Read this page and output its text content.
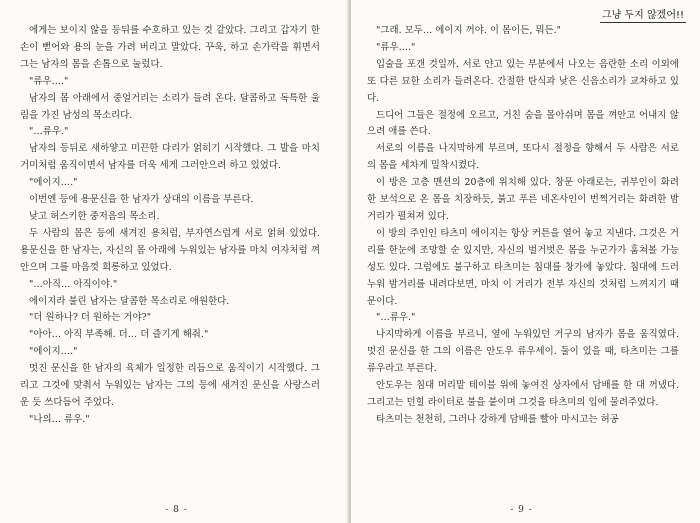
에게는 보이지 않을 등뒤를 수호하고 있는 것 같았다. 그리고 갑자기 한 손이 뻗어와 용의 눈을 가려 버리고 말았다. 꾸욱, 하고 손가락을 휘면서 그는 남자의 몸을 손톱으로 눌렀다.

"류우…."

남자의 몸 아래에서 중얼거리는 소리가 들려 온다. 달콤하고 독특한 울림을 가진 남성의 목소리다.

"…류우."

남자의 등뒤로 새하얗고 미끈한 다리가 얽히기 시작했다. 그 발을 마치 거미처럼 움직이면서 남자를 더욱 세게 그러안으려 하고 있었다.

"에이지…."

이번엔 등에 용문신을 한 남자가 상대의 이름을 부른다.

낮고 허스키한 중저음의 목소리.

두 사람의 몸은 등에 새겨진 용처럼, 부자연스럽게 서로 얽혀 있었다. 용문신을 한 남자는, 자신의 몸 아래에 누워있는 남자를 마치 여자처럼 껴안으며 그를 마음껏 희롱하고 있었다.

"…아직… 아직이야."

에이지라 불린 남자는 달콤한 목소리로 애원한다.

"더 원하나? 더 원하는 거야?"

"아아… 아직 부족해. 더… 더 즐기게 해줘."

"에이지…."

멋진 문신을 한 남자의 육체가 일정한 리듬으로 움직이기 시작했다. 그리고 그것에 맞춰서 누워있는 남자는 그의 등에 새겨진 문신을 사랑스러운 듯 쓰다듬어 주었다.

"나의… 류우."

- 8 -
그냥 두지 않겠어!!

"그래. 모두… 에이지 꺼야. 이 몸이든, 뭐든."

"류우…."

입술을 포갠 것일까. 서로 얀고 있는 부분에서 나오는 음란한 소리 이외에 또 다른 묘한 소리가 들려온다. 간절한 탄식과 낮은 신음소리가 교차하고 있다.

드디어 그들은 절정에 오르고, 거친 숨을 몰아쉬며 몸을 껴안고 어내지 않으려 애를 쓴다.

서로의 이름을 나지막하게 부르며, 또다시 절정을 향해서 두 사람은 서로의 몸을 세차게 밀착시켰다.

이 방은 고층 맨션의 20층에 위치해 있다. 창문 아래로는, 귀부인이 화려한 보석으로 온 몸을 치장하듯, 붉고 푸른 네온사인이 번쩍거리는 화려한 밤거리가 펼쳐져 있다.

이 방의 주인인 타츠미 에이지는 항상 커튼을 열어 놓고 지낸다. 그것은 거리를 한눈에 조망할 순 있지만, 자신의 벌거벗은 몸을 누군가가 훔쳐볼 가능성도 있다. 그럼에도 불구하고 타츠미는 침대를 창가에 놓았다. 침대에 드러누워 밤거리를 내려다보면, 마치 이 거리가 전부 자신의 것처럼 느껴지기 때문이다.

"…류우."

나지막하게 이름을 부르니, 옆에 누워있던 거구의 남자가 몸을 움직였다. 멋진 문신을 한 그의 이름은 안도우 류우세이. 둘이 있을 때, 타츠미는 그를 류우라고 부른다.

안도우는 침대 머리맡 테이블 위에 놓여진 상자에서 담배를 한 대 꺼냈다. 그리고는 던힐 라이터로 불을 붙이며 그것을 타츠미의 입에 물려주었다.

타츠미는 천천히, 그러나 강하게 담배를 빨아 마시고는 허공

- 9 -
